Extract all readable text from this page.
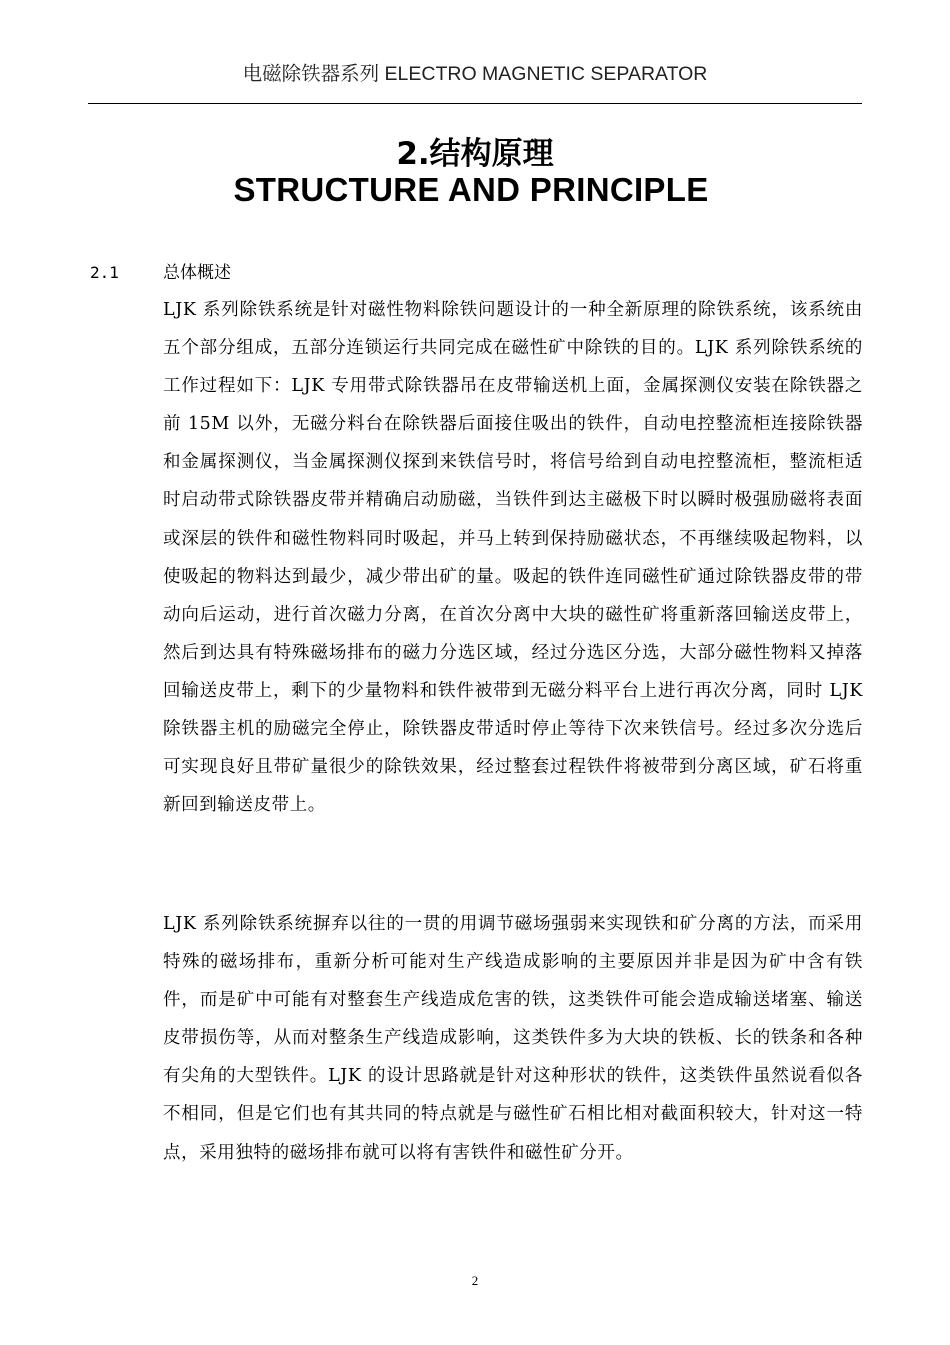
电磁除铁器系列 ELECTRO MAGNETIC SEPARATOR
2.结构原理
STRUCTURE AND PRINCIPLE
2.1	总体概述

LJK 系列除铁系统是针对磁性物料除铁问题设计的一种全新原理的除铁系统，该系统由五个部分组成，五部分连锁运行共同完成在磁性矿中除铁的目的。LJK 系列除铁系统的工作过程如下：LJK 专用带式除铁器吊在皮带输送机上面，金属探测仪安装在除铁器之前 15M 以外，无磁分料台在除铁器后面接住吸出的铁件，自动电控整流柜连接除铁器和金属探测仪，当金属探测仪探到来铁信号时，将信号给到自动电控整流柜，整流柜适时启动带式除铁器皮带并精确启动励磁，当铁件到达主磁极下时以瞬时极强励磁将表面或深层的铁件和磁性物料同时吸起，并马上转到保持励磁状态，不再继续吸起物料，以使吸起的物料达到最少，减少带出矿的量。吸起的铁件连同磁性矿通过除铁器皮带的带动向后运动，进行首次磁力分离，在首次分离中大块的磁性矿将重新落回输送皮带上，然后到达具有特殊磁场排布的磁力分选区域，经过分选区分选，大部分磁性物料又掉落回输送皮带上，剩下的少量物料和铁件被带到无磁分料平台上进行再次分离，同时 LJK 除铁器主机的励磁完全停止，除铁器皮带适时停止等待下次来铁信号。经过多次分选后可实现良好且带矿量很少的除铁效果，经过整套过程铁件将被带到分离区域，矿石将重新回到输送皮带上。

LJK 系列除铁系统摒弃以往的一贯的用调节磁场强弱来实现铁和矿分离的方法，而采用特殊的磁场排布，重新分析可能对生产线造成影响的主要原因并非是因为矿中含有铁件，而是矿中可能有对整套生产线造成危害的铁，这类铁件可能会造成输送堵塞、输送皮带损伤等，从而对整条生产线造成影响，这类铁件多为大块的铁板、长的铁条和各种有尖角的大型铁件。LJK 的设计思路就是针对这种形状的铁件，这类铁件虽然说看似各不相同，但是它们也有其共同的特点就是与磁性矿石相比相对截面积较大，针对这一特点，采用独特的磁场排布就可以将有害铁件和磁性矿分开。

2
